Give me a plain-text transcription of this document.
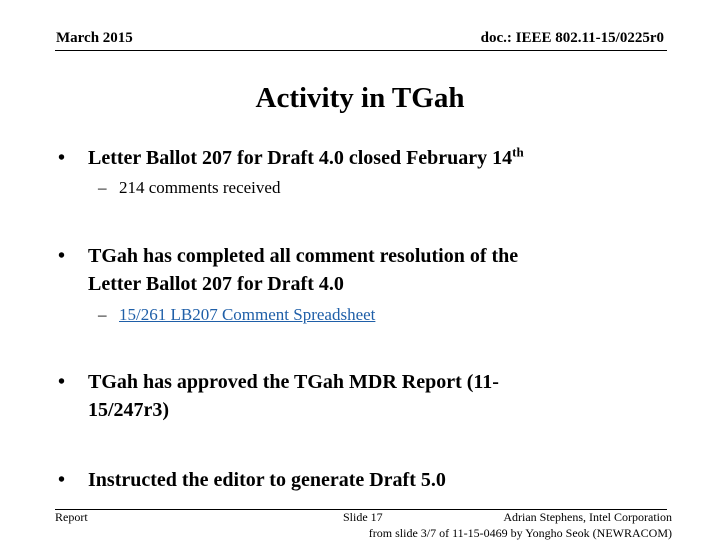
March 2015	doc.: IEEE 802.11-15/0225r0
Activity in TGah
• Letter Ballot 207 for Draft 4.0 closed February 14th
– 214 comments received
• TGah has completed all comment resolution of the
Letter Ballot 207 for Draft 4.0
– 15/261 LB207 Comment Spreadsheet
• TGah has approved the TGah MDR Report (11-
15/247r3)
• Instructed the editor to generate Draft 5.0
Report	Slide 17	Adrian Stephens, Intel Corporation
from slide 3/7 of 11-15-0469 by Yongho Seok (NEWRACOM)
